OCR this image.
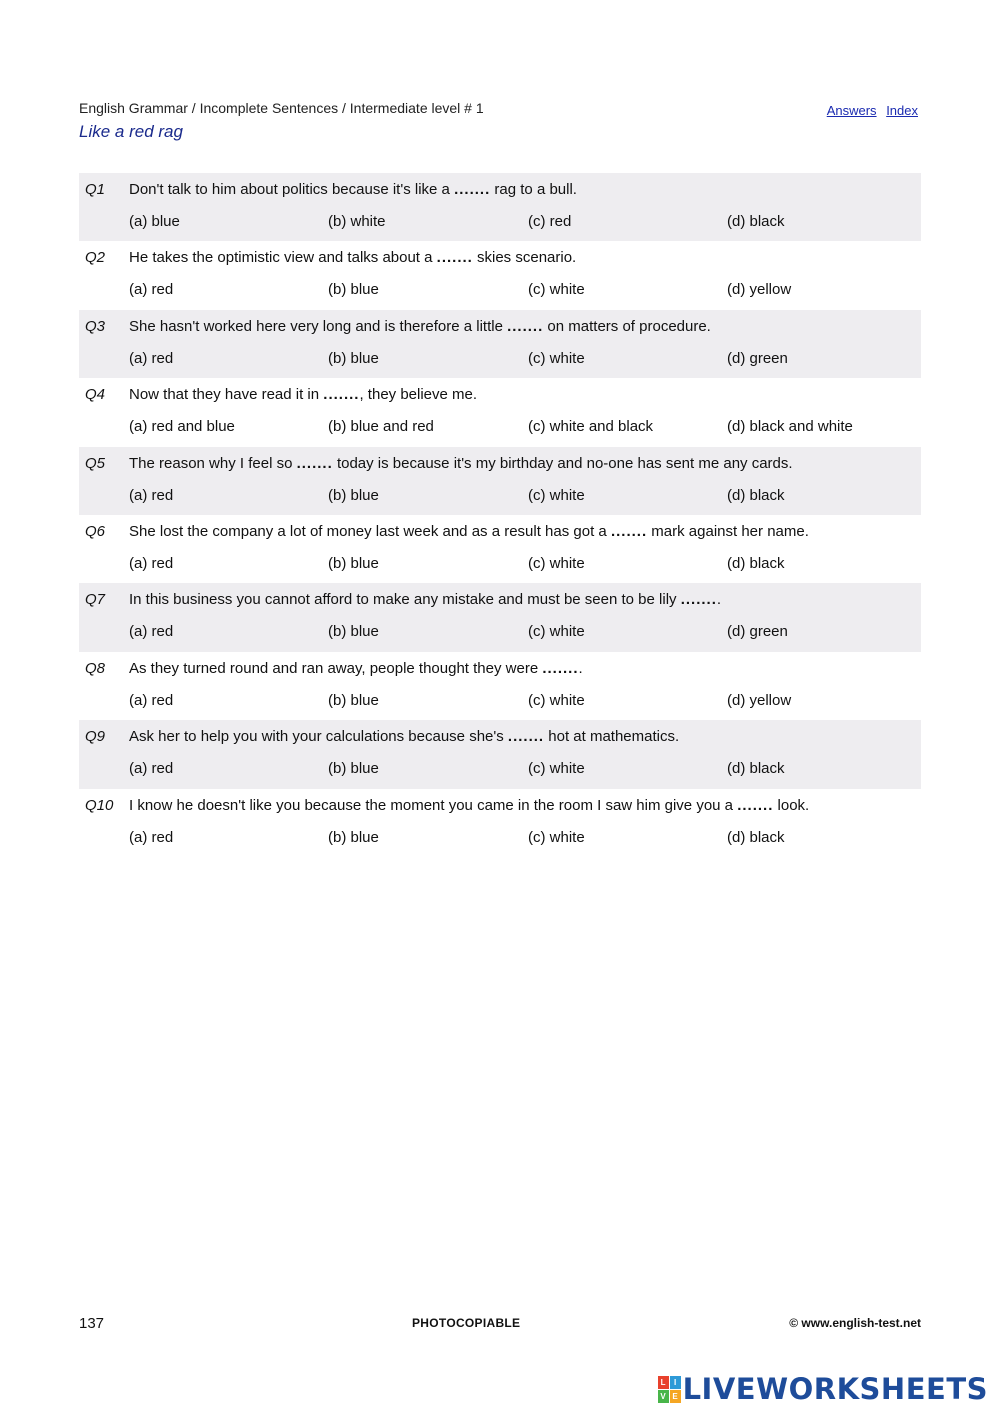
English Grammar / Incomplete Sentences / Intermediate level # 1
Like a red rag
Answers Index
Q1 Don't talk to him about politics because it's like a ....... rag to a bull.
(a) blue	(b) white	(c) red	(d) black
Q2 He takes the optimistic view and talks about a ....... skies scenario.
(a) red	(b) blue	(c) white	(d) yellow
Q3 She hasn't worked here very long and is therefore a little ....... on matters of procedure.
(a) red	(b) blue	(c) white	(d) green
Q4 Now that they have read it in ......., they believe me.
(a) red and blue	(b) blue and red	(c) white and black	(d) black and white
Q5 The reason why I feel so ....... today is because it's my birthday and no-one has sent me any cards.
(a) red	(b) blue	(c) white	(d) black
Q6 She lost the company a lot of money last week and as a result has got a ....... mark against her name.
(a) red	(b) blue	(c) white	(d) black
Q7 In this business you cannot afford to make any mistake and must be seen to be lily ........
(a) red	(b) blue	(c) white	(d) green
Q8 As they turned round and ran away, people thought they were ........
(a) red	(b) blue	(c) white	(d) yellow
Q9 Ask her to help you with your calculations because she's ....... hot at mathematics.
(a) red	(b) blue	(c) white	(d) black
Q10 I know he doesn't like you because the moment you came in the room I saw him give you a ....... look.
(a) red	(b) blue	(c) white	(d) black
137	PHOTOCOPIABLE	© www.english-test.net
L	I
V E LIVEWORKSHEETS
